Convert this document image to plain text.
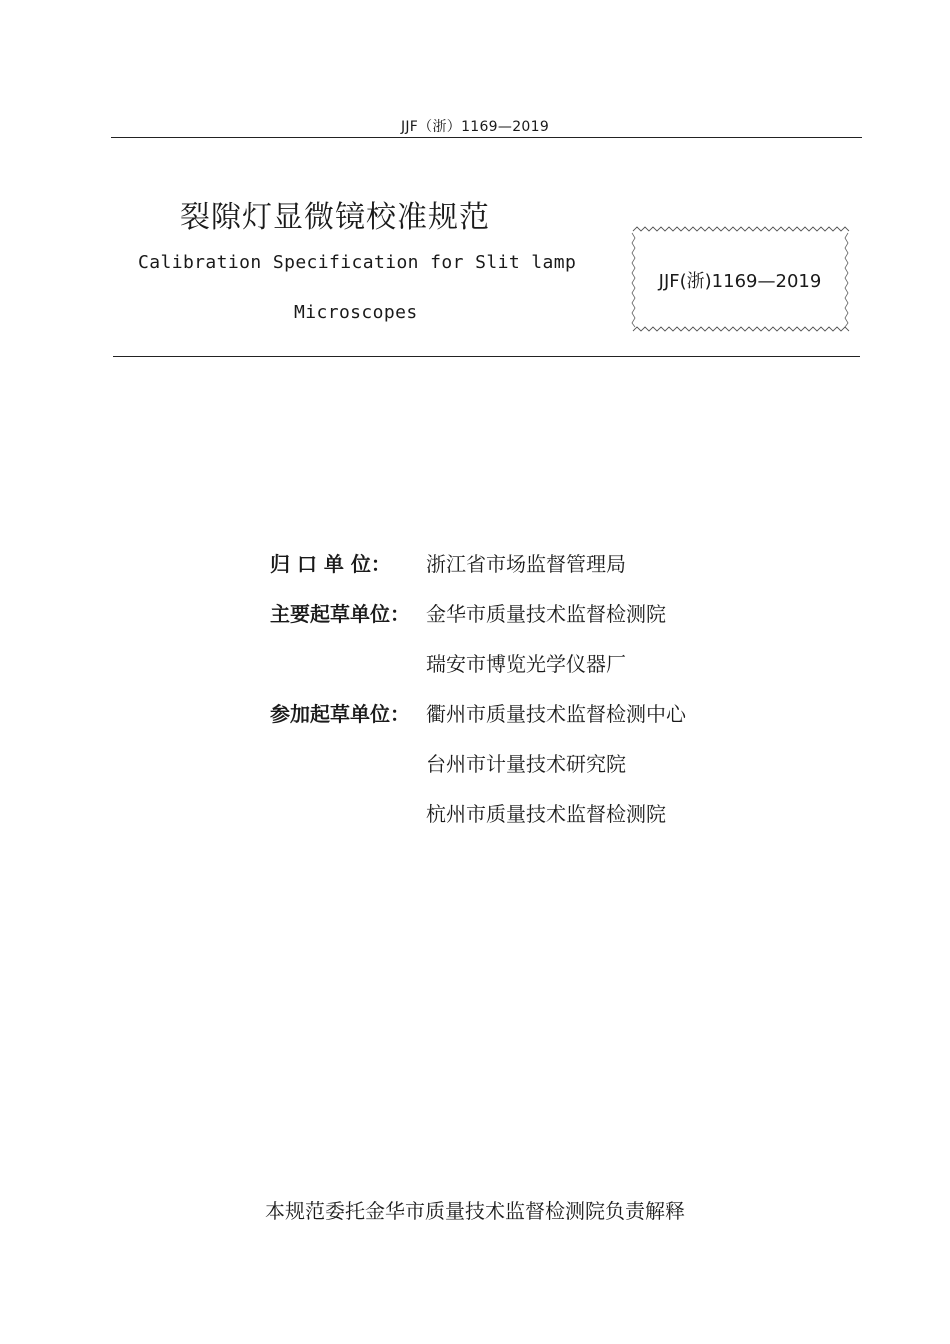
JJF（浙）1169—2019
裂隙灯显微镜校准规范
Calibration Specification for Slit lamp
Microscopes
JJF(浙)1169—2019
归 口 单 位： 浙江省市场监督管理局
主要起草单位： 金华市质量技术监督检测院
瑞安市博览光学仪器厂
参加起草单位： 衢州市质量技术监督检测中心
台州市计量技术研究院
杭州市质量技术监督检测院
本规范委托金华市质量技术监督检测院负责解释
